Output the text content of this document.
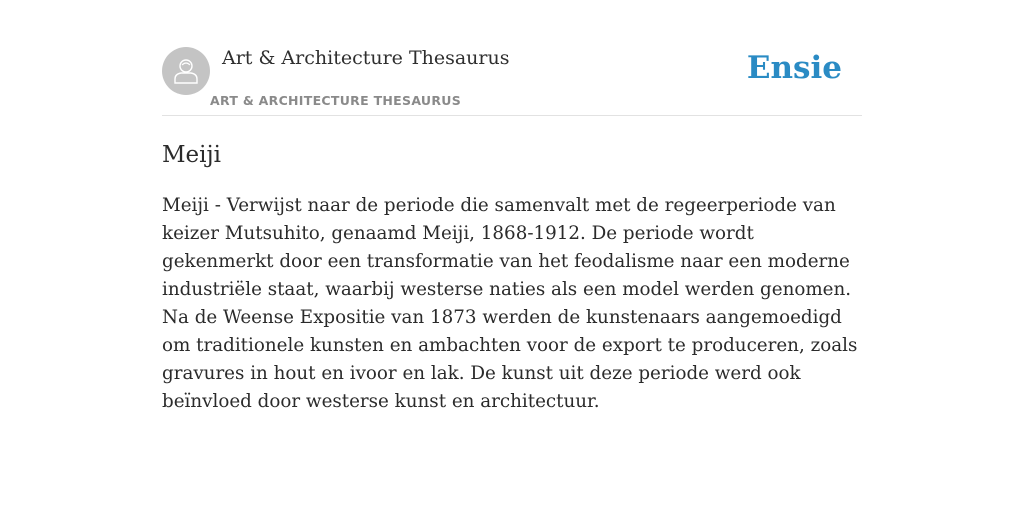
Art & Architecture Thesaurus
ART & ARCHITECTURE THESAURUS
Ensie
Meiji

Meiji - Verwijst naar de periode die samenvalt met de regeerperiode van keizer Mutsuhito, genaamd Meiji, 1868-1912. De periode wordt gekenmerkt door een transformatie van het feodalisme naar een moderne industriële staat, waarbij westerse naties als een model werden genomen. Na de Weense Expositie van 1873 werden de kunstenaars aangemoedigd om traditionele kunsten en ambachten voor de export te produceren, zoals gravures in hout en ivoor en lak. De kunst uit deze periode werd ook beïnvloed door westerse kunst en architectuur.
